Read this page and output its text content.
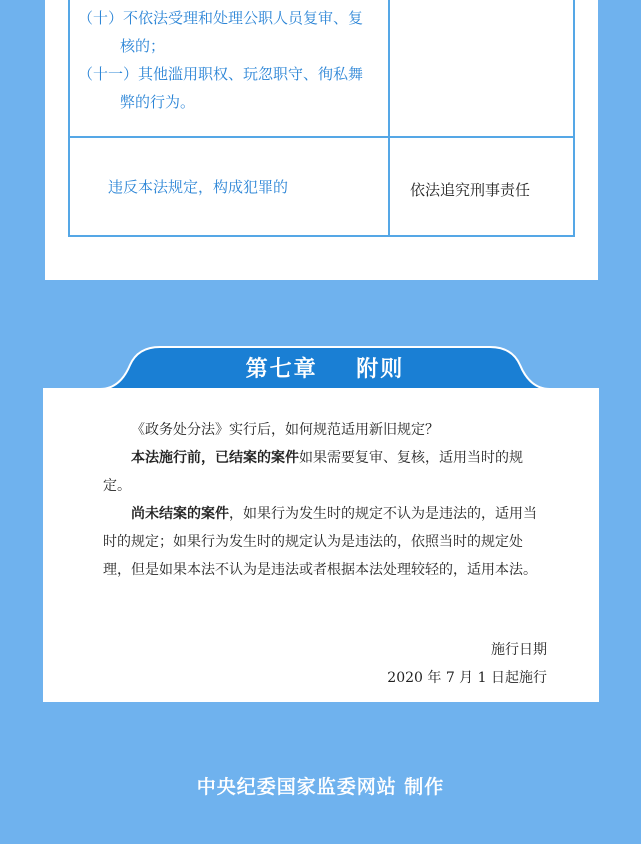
（十）不依法受理和处理公职人员复审、复
核的；
（十一）其他滥用职权、玩忽职守、徇私舞
弊的行为。
违反本法规定，构成犯罪的	依法追究刑事责任
第七章    附则
《政务处分法》实行后，如何规范适用新旧规定？
本法施行前，已结案的案件如果需要复审、复核，适用当时的规定。
尚未结案的案件，如果行为发生时的规定不认为是违法的，适用当时的规定；如果行为发生时的规定认为是违法的，依照当时的规定处理，但是如果本法不认为是违法或者根据本法处理较轻的，适用本法。
施行日期
2020 年 7 月 1 日起施行
中央纪委国家监委网站 制作
